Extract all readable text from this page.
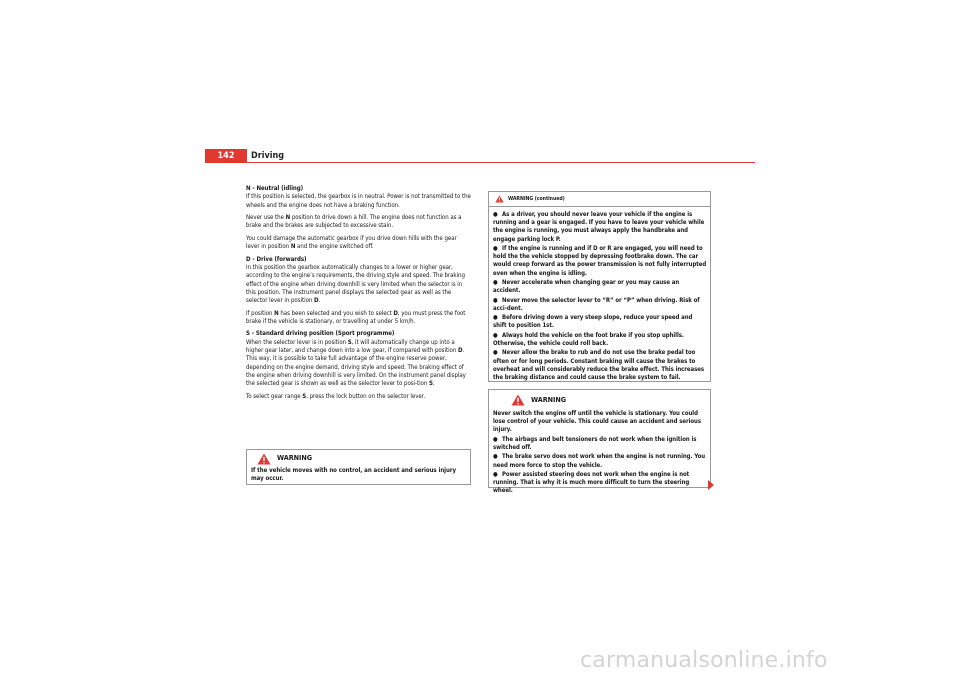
142	Driving

N - Neutral (idling)

If this position is selected, the gearbox is in neutral. Power is not transmitted to the wheels and the engine does not have a braking function.

Never use the N position to drive down a hill. The engine does not function as a brake and the brakes are subjected to excessive stain.

You could damage the automatic gearbox if you drive down hills with the gear lever in position N and the engine switched off.

D - Drive (forwards)

In this position the gearbox automatically changes to a lower or higher gear, according to the engine’s requirements, the driving style and speed. The braking effect of the engine when driving downhill is very limited when the selector is in this position. The instrument panel displays the selected gear as well as the selector lever in position D.

If position N has been selected and you wish to select D, you must press the foot brake if the vehicle is stationary, or travelling at under 5 km/h.

S - Standard driving position (Sport programme)

When the selector lever is in position S, it will automatically change up into a higher gear later, and change down into a low gear, if compared with position D. This way, it is possible to take full advantage of the engine reserve power, depending on the engine demand, driving style and speed. The braking effect of the engine when driving downhill is very limited. On the instrument panel display the selected gear is shown as well as the selector lever to posi-tion S.

To select gear range S, press the lock button on the selector lever.

WARNING

If the vehicle moves with no control, an accident and serious injury may occur.

WARNING (continued)

● As a driver, you should never leave your vehicle if the engine is running and a gear is engaged. If you have to leave your vehicle while the engine is running, you must always apply the handbrake and engage parking lock P.

● If the engine is running and if D or R are engaged, you will need to hold the the vehicle stopped by depressing footbrake down. The car would creep forward as the power transmission is not fully interrupted even when the engine is idling.

● Never accelerate when changing gear or you may cause an accident.

● Never move the selector lever to “R” or “P” when driving. Risk of acci-dent.

● Before driving down a very steep slope, reduce your speed and shift to position 1st.

● Always hold the vehicle on the foot brake if you stop uphills. Otherwise, the vehicle could roll back.

● Never allow the brake to rub and do not use the brake pedal too often or for long periods. Constant braking will cause the brakes to overheat and will considerably reduce the brake effect. This increases the braking distance and could cause the brake system to fail.

WARNING

Never switch the engine off until the vehicle is stationary. You could lose control of your vehicle. This could cause an accident and serious injury.

● The airbags and belt tensioners do not work when the ignition is switched off.

● The brake servo does not work when the engine is not running. You need more force to stop the vehicle.

● Power assisted steering does not work when the engine is not running. That is why it is much more difficult to turn the steering wheel.

carmanualsonline.info
